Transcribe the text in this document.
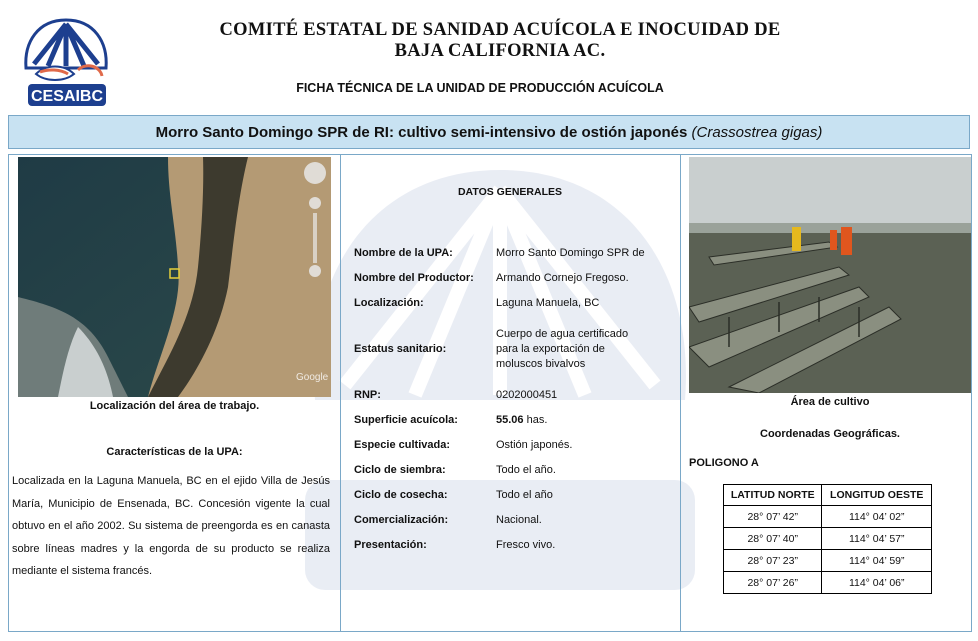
CESAIBC
COMITÉ ESTATAL DE SANIDAD ACUÍCOLA E INOCUIDAD DE
BAJA CALIFORNIA AC.
FICHA TÉCNICA DE LA UNIDAD DE PRODUCCIÓN ACUÍCOLA
Morro Santo Domingo SPR de RI: cultivo semi-intensivo de ostión japonés (Crassostrea gigas)
Google
Localización del área de trabajo.
Características de la UPA:
Localizada en la Laguna Manuela, BC en el ejido Villa de Jesús María, Municipio de Ensenada, BC. Concesión vigente la cual obtuvo en el año 2002. Su sistema de preengorda es en canasta sobre líneas madres y la engorda de su producto se realiza mediante el sistema francés.
DATOS GENERALES
Nombre de la UPA:	Morro Santo Domingo SPR de
Nombre del Productor: Armando Cornejo Fregoso.
Localización:	Laguna Manuela, BC
Estatus sanitario:
Cuerpo de agua certificado para la exportación de moluscos bivalvos
RNP:	0202000451
Superficie acuícola:	55.06 has.
Especie cultivada:	Ostión japonés.
Ciclo de siembra:	Todo el año.
Ciclo de cosecha:	Todo el año
Comercialización:	Nacional.
Presentación:	Fresco vivo.
Área de cultivo
Coordenadas Geográficas.
POLIGONO A
LATITUD NORTE	LONGITUD OESTE
28° 07’ 42”	114° 04’ 02”
28° 07’ 40”	114° 04’ 57”
28° 07’ 23”	114° 04’ 59”
28° 07’ 26”	114° 04’ 06”
